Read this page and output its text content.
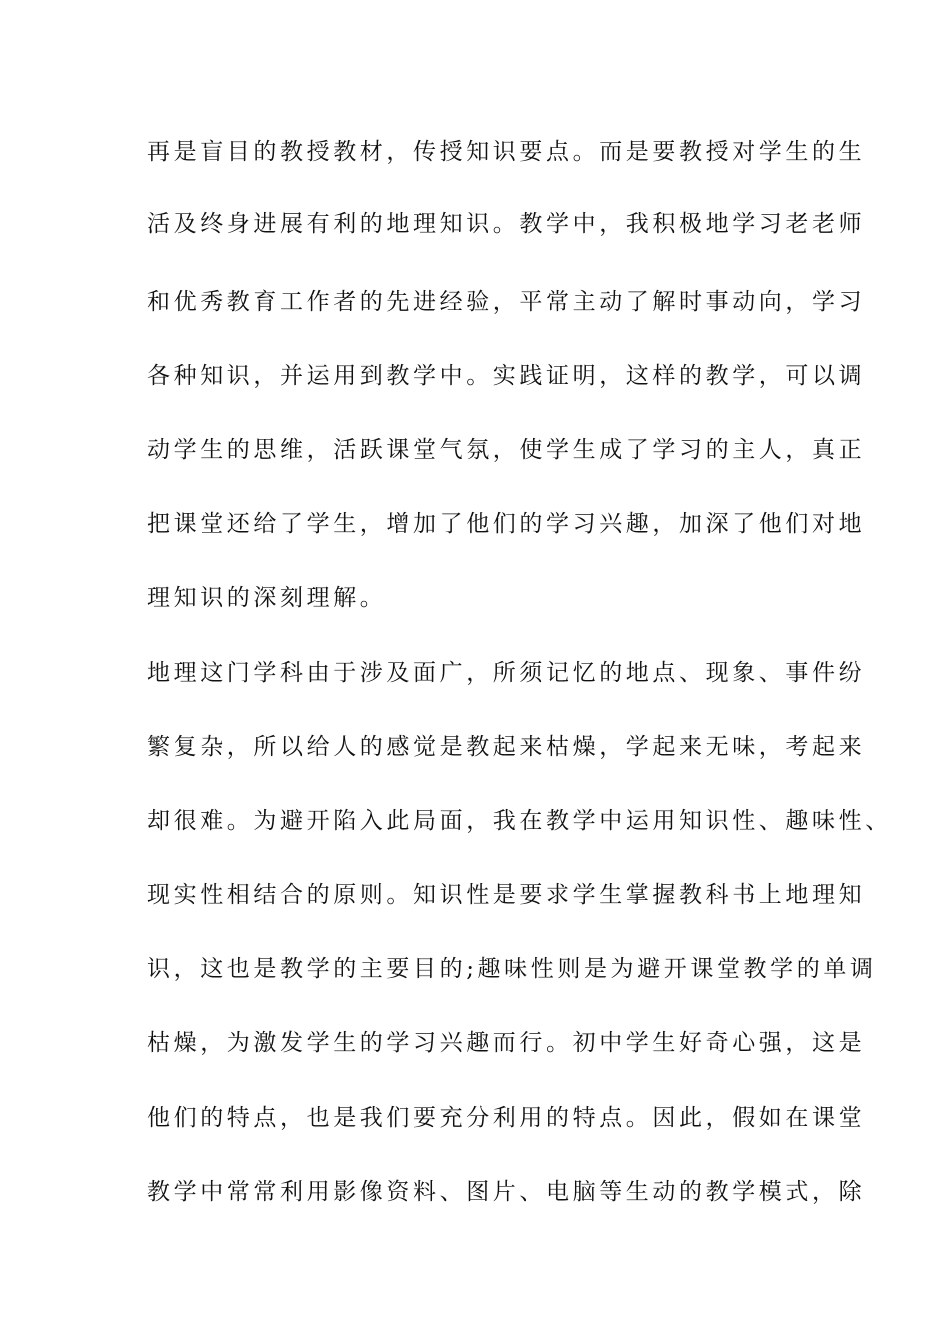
再是盲目的教授教材，传授知识要点。而是要教授对学生的生
活及终身进展有利的地理知识。教学中，我积极地学习老老师
和优秀教育工作者的先进经验，平常主动了解时事动向，学习
各种知识，并运用到教学中。实践证明，这样的教学，可以调
动学生的思维，活跃课堂气氛，使学生成了学习的主人，真正
把课堂还给了学生，增加了他们的学习兴趣，加深了他们对地
理知识的深刻理解。
地理这门学科由于涉及面广，所须记忆的地点、现象、事件纷
繁复杂，所以给人的感觉是教起来枯燥，学起来无味，考起来
却很难。为避开陷入此局面，我在教学中运用知识性、趣味性、
现实性相结合的原则。知识性是要求学生掌握教科书上地理知
识，这也是教学的主要目的;趣味性则是为避开课堂教学的单调
枯燥，为激发学生的学习兴趣而行。初中学生好奇心强，这是
他们的特点，也是我们要充分利用的特点。因此，假如在课堂
教学中常常利用影像资料、图片、电脑等生动的教学模式，除
